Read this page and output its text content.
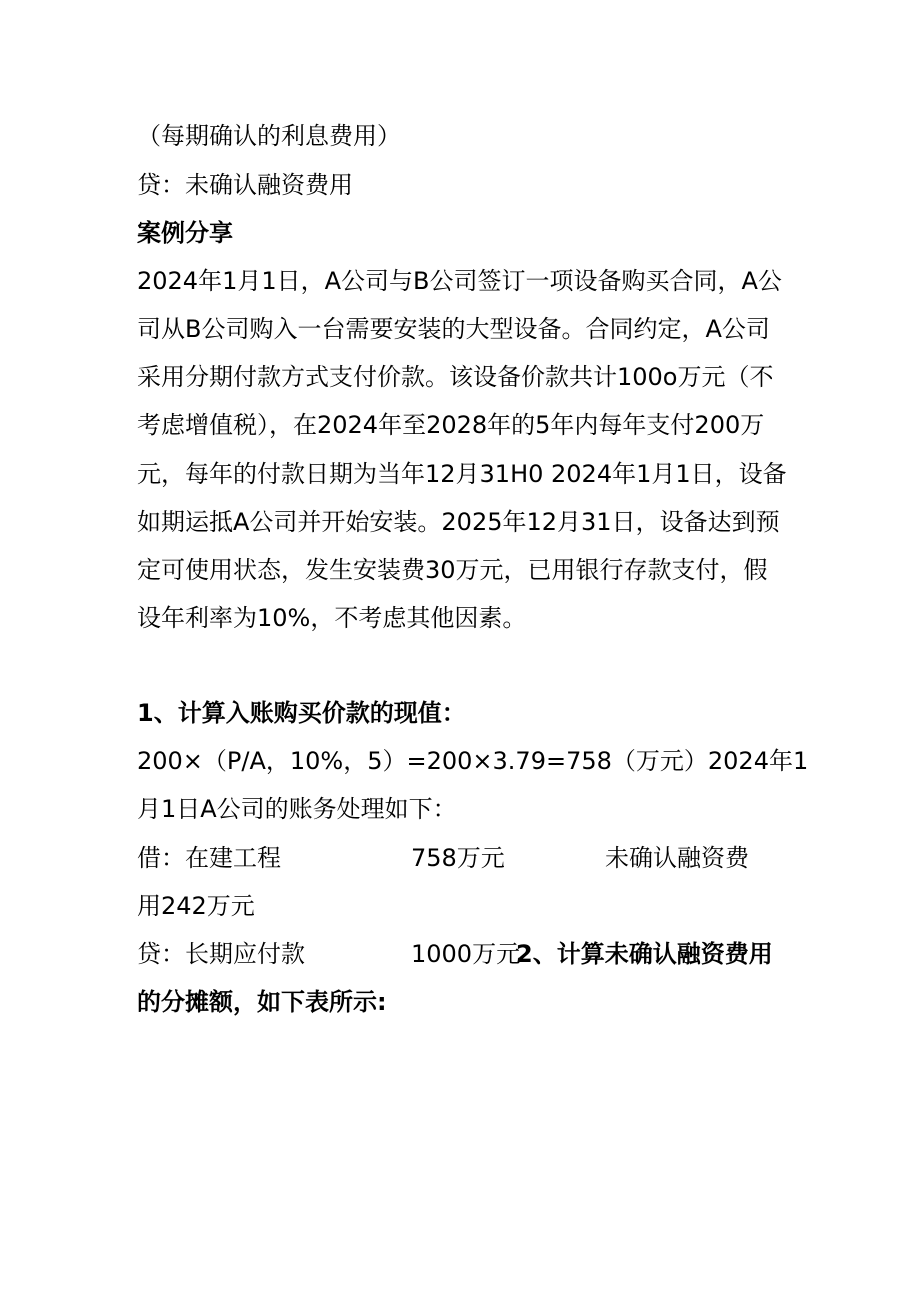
（每期确认的利息费用）
贷：未确认融资费用
案例分享
2024年1月1日，A公司与B公司签订一项设备购买合同，A公
司从B公司购入一台需要安装的大型设备。合同约定，A公司
采用分期付款方式支付价款。该设备价款共计100o万元（不
考虑增值税），在2024年至2028年的5年内每年支付200万
元，每年的付款日期为当年12月31H0 2024年1月1日，设备
如期运抵A公司并开始安装。2025年12月31日，设备达到预
定可使用状态，发生安装费30万元，已用银行存款支付，假
设年利率为10%，不考虑其他因素。
1、计算入账购买价款的现值：
200×（P/A，10%，5）=200×3.79=758（万元）2024年1
月1日A公司的账务处理如下：
借：在建工程	758万元	未确认融资费
用242万元
贷：长期应付款	1000万元
2、计算未确认融资费用
的分摊额，如下表所示:
